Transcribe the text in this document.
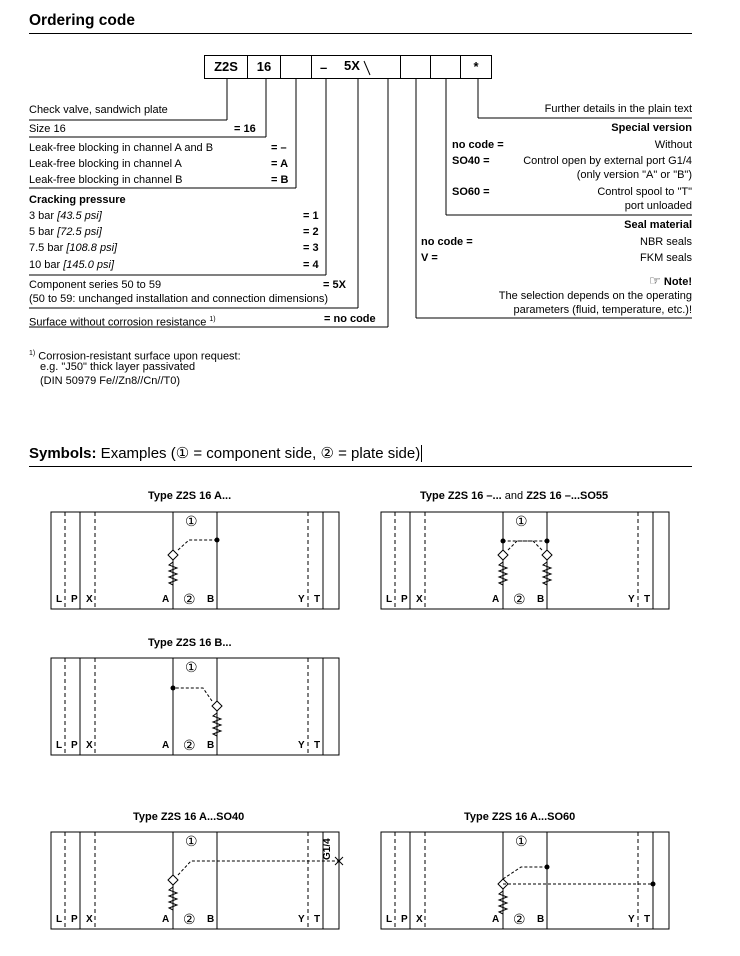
Ordering code
Z2S	16	–	5X	*
Check valve, sandwich plate
Size 16	= 16
Leak-free blocking in channel A and B	= –
Leak-free blocking in channel A	= A
Leak-free blocking in channel B	= B
Cracking pressure
3 bar [43.5 psi]	= 1
5 bar [72.5 psi]	= 2
7.5 bar [108.8 psi]	= 3
10 bar [145.0 psi]	= 4
Component series 50 to 59	= 5X
(50 to 59: unchanged installation and connection dimensions)
Surface without corrosion resistance $^{1)}$	= no code
Further details in the plain text
Special version
no code =	Without
SO40 =	Control open by external port G1/4
(only version "A" or "B")
SO60 =	Control spool to "T"
port unloaded
Seal material
no code =	NBR seals
V =	FKM seals
☞ Note!
The selection depends on the operating
parameters (fluid, temperature, etc.)!
$^{1)}$ Corrosion-resistant surface upon request:
e.g. "J50" thick layer passivated
(DIN 50979 Fe//Zn8//Cn//T0)
Symbols: Examples (① = component side, ② = plate side)
Type Z2S 16 A...	Type Z2S 16 –... and Z2S 16 –...SO55
Type Z2S 16 B...
Type Z2S 16 A...SO40	Type Z2S 16 A...SO60
①
②
L P X	A	B	Y T
①
②
L P X	A	B	Y T
①
②
L P X	A	B	Y T
①
②
L P X	A	B	Y T
①
②
L P X	A	B	Y T
G1/4
